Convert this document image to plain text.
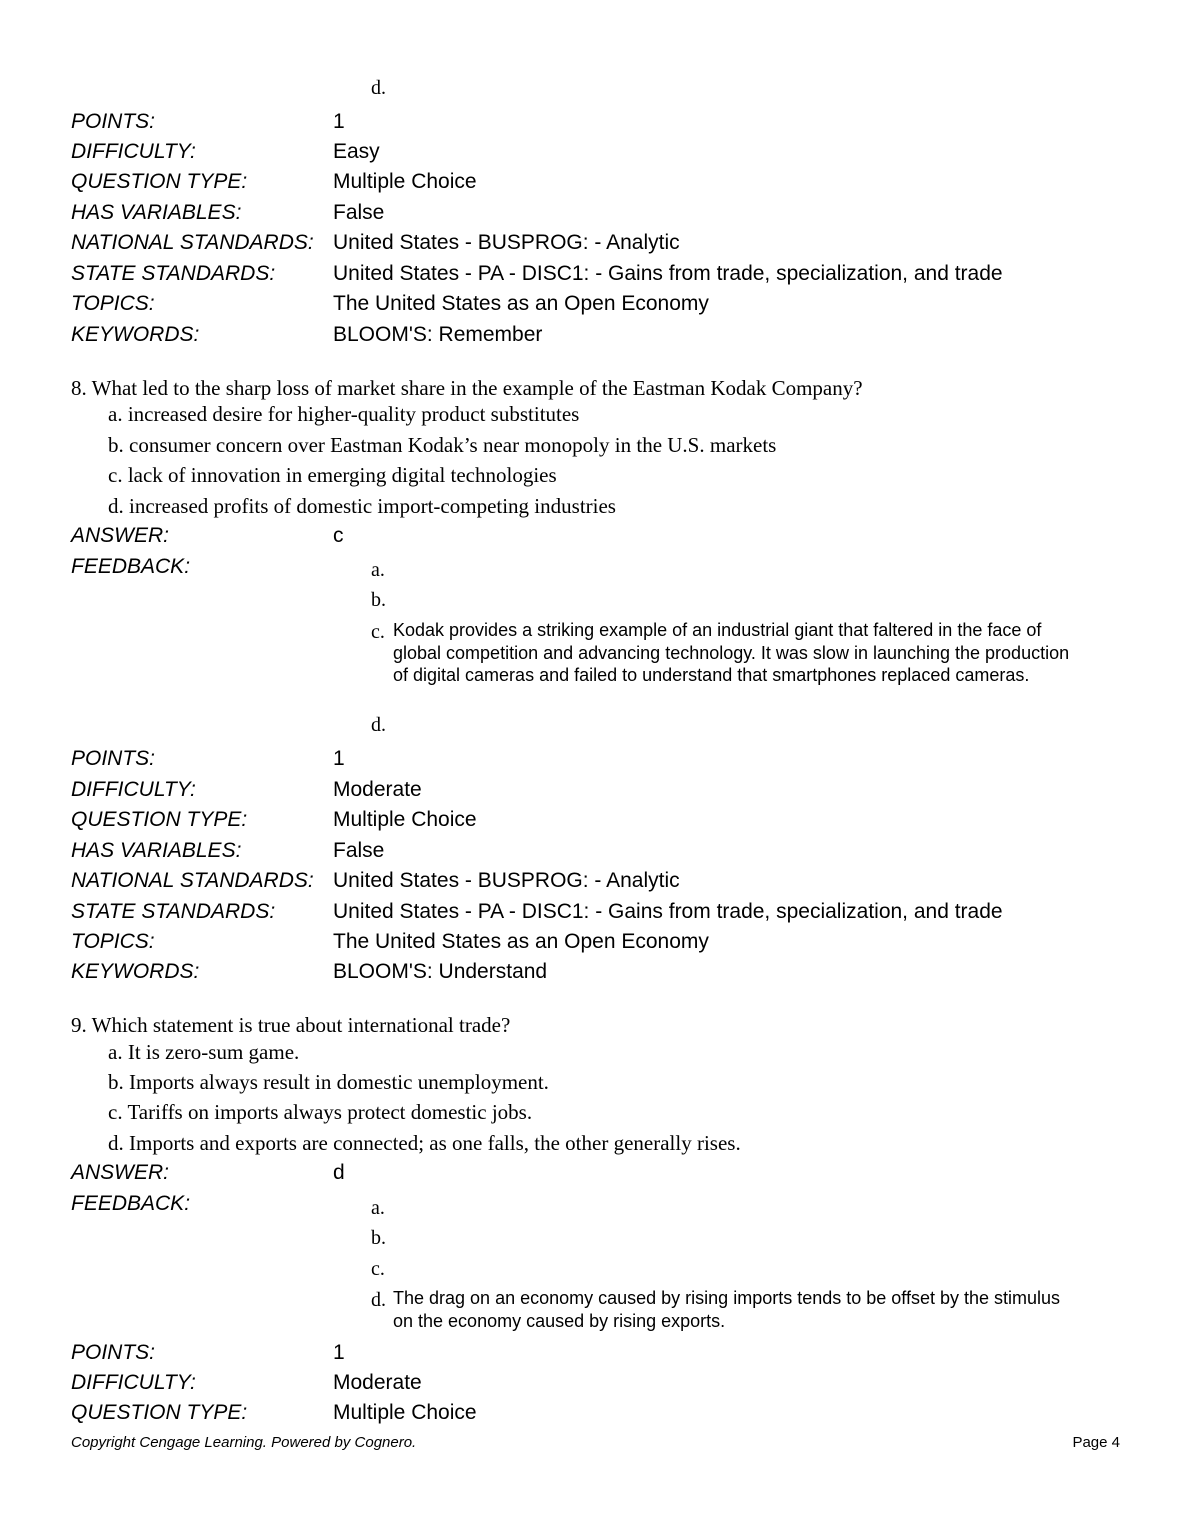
d.
POINTS:	1
DIFFICULTY:	Easy
QUESTION TYPE:	Multiple Choice
HAS VARIABLES:	False
NATIONAL STANDARDS: United States - BUSPROG: - Analytic
STATE STANDARDS:	United States - PA - DISC1: - Gains from trade, specialization, and trade
TOPICS:	The United States as an Open Economy
KEYWORDS:	BLOOM'S: Remember
8. What led to the sharp loss of market share in the example of the Eastman Kodak Company?
a. increased desire for higher-quality product substitutes
b. consumer concern over Eastman Kodak’s near monopoly in the U.S. markets
c. lack of innovation in emerging digital technologies
d. increased profits of domestic import-competing industries
ANSWER:	c
FEEDBACK:	a.
b.
c. Kodak provides a striking example of an industrial giant that faltered in the face of global competition and advancing technology. It was slow in launching the production of digital cameras and failed to understand that smartphones replaced cameras.
d.
POINTS:	1
DIFFICULTY:	Moderate
QUESTION TYPE:	Multiple Choice
HAS VARIABLES:	False
NATIONAL STANDARDS: United States - BUSPROG: - Analytic
STATE STANDARDS:	United States - PA - DISC1: - Gains from trade, specialization, and trade
TOPICS:	The United States as an Open Economy
KEYWORDS:	BLOOM'S: Understand
9. Which statement is true about international trade?
a. It is zero-sum game.
b. Imports always result in domestic unemployment.
c. Tariffs on imports always protect domestic jobs.
d. Imports and exports are connected; as one falls, the other generally rises.
ANSWER:	d
FEEDBACK:	a.
b.
c.
d. The drag on an economy caused by rising imports tends to be offset by the stimulus on the economy caused by rising exports.
POINTS:	1
DIFFICULTY:	Moderate
QUESTION TYPE:	Multiple Choice
Copyright Cengage Learning. Powered by Cognero.	Page 4
